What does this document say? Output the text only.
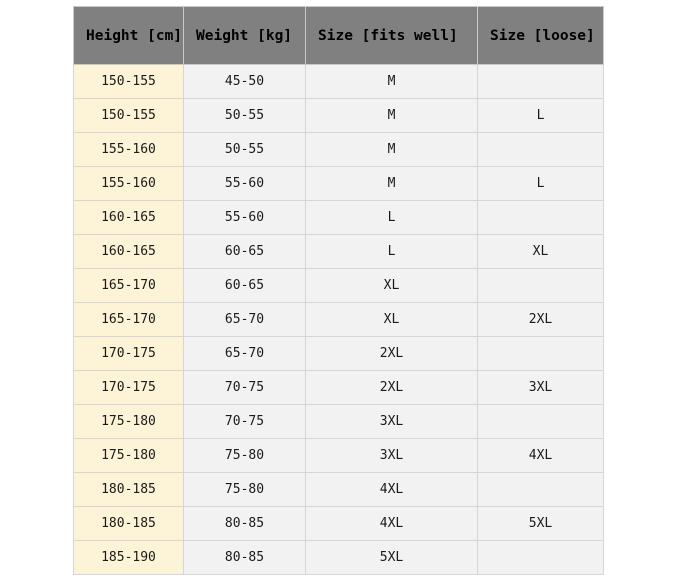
Height [cm]	Weight [kg]	Size [fits well]	Size [loose]
150-155	45-50	M	
150-155	50-55	M	L
155-160	50-55	M	
155-160	55-60	M	L
160-165	55-60	L	
160-165	60-65	L	XL
165-170	60-65	XL	
165-170	65-70	XL	2XL
170-175	65-70	2XL	
170-175	70-75	2XL	3XL
175-180	70-75	3XL	
175-180	75-80	3XL	4XL
180-185	75-80	4XL	
180-185	80-85	4XL	5XL
185-190	80-85	5XL	
